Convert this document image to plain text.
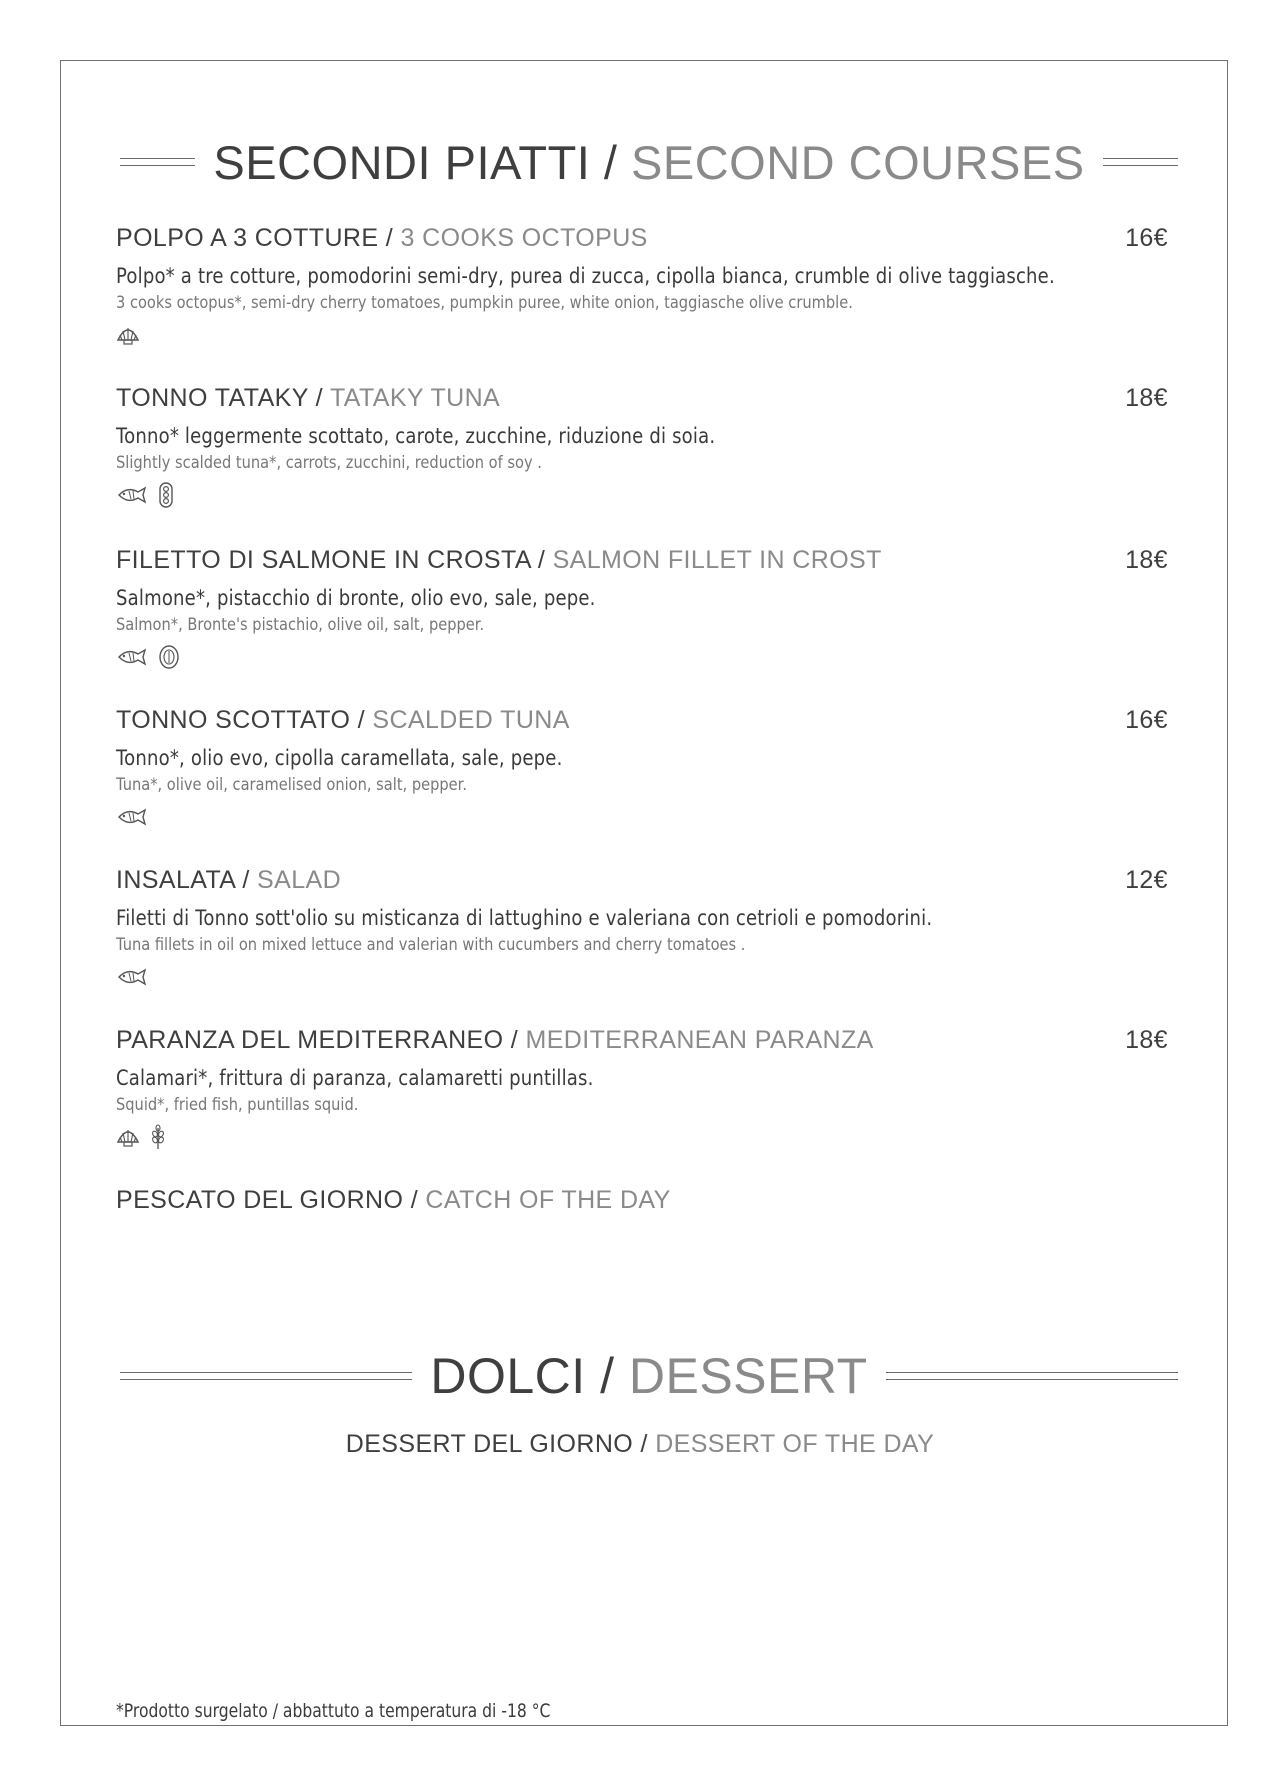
SECONDI PIATTI / SECOND COURSES
POLPO A 3 COTTURE / 3 COOKS OCTOPUS	16€
Polpo* a tre cotture, pomodorini semi-dry, purea di zucca, cipolla bianca, crumble di olive taggiasche.
3 cooks octopus*, semi-dry cherry tomatoes, pumpkin puree, white onion, taggiasche olive crumble.
TONNO TATAKY / TATAKY TUNA	18€
Tonno* leggermente scottato, carote, zucchine, riduzione di soia.
Slightly scalded tuna*, carrots, zucchini, reduction of soy .
FILETTO DI SALMONE IN CROSTA / SALMON FILLET IN CROST	18€
Salmone*, pistacchio di bronte, olio evo, sale, pepe.
Salmon*, Bronte's pistachio, olive oil, salt, pepper.
TONNO SCOTTATO / SCALDED TUNA	16€
Tonno*, olio evo, cipolla caramellata, sale, pepe.
Tuna*, olive oil, caramelised onion, salt, pepper.
INSALATA / SALAD	12€
Filetti di Tonno sott'olio su misticanza di lattughino e valeriana con cetrioli e pomodorini.
Tuna fillets in oil on mixed lettuce and valerian with cucumbers and cherry tomatoes .
PARANZA DEL MEDITERRANEO / MEDITERRANEAN PARANZA	18€
Calamari*, frittura di paranza, calamaretti puntillas.
Squid*, fried fish, puntillas squid.
PESCATO DEL GIORNO / CATCH OF THE DAY
DOLCI / DESSERT
DESSERT DEL GIORNO / DESSERT OF THE DAY
*Prodotto surgelato / abbattuto a temperatura di -18 °C
